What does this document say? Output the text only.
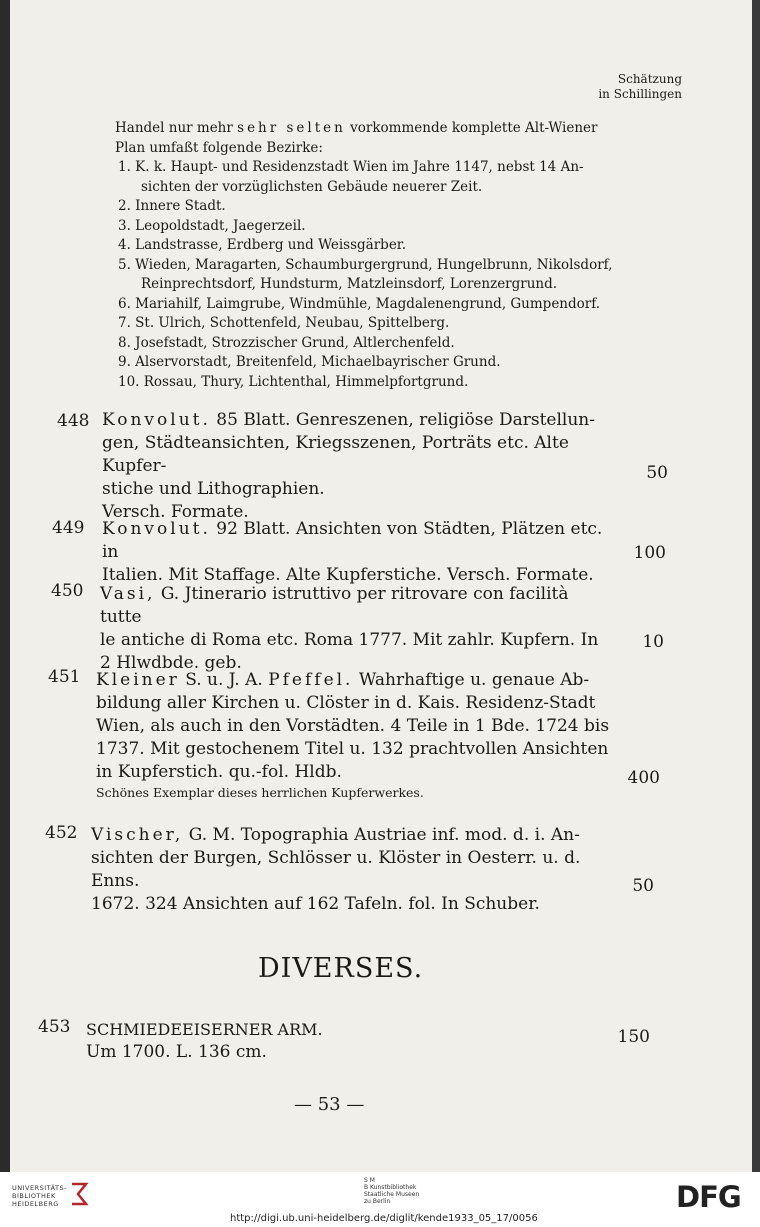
Schätzung
in Schillingen
Handel nur mehr sehr selten vorkommende komplette Alt-Wiener
Plan umfaßt folgende Bezirke:
1. K. k. Haupt- und Residenzstadt Wien im Jahre 1147, nebst 14 An-
sichten der vorzüglichsten Gebäude neuerer Zeit.
2. Innere Stadt.
3. Leopoldstadt, Jaegerzeil.
4. Landstrasse, Erdberg und Weissgärber.
5. Wieden, Maragarten, Schaumburgergrund, Hungelbrunn, Nikolsdorf,
Reinprechtsdorf, Hundsturm, Matzleinsdorf, Lorenzergrund.
6. Mariahilf, Laimgrube, Windmühle, Magdalenengrund, Gumpendorf.
7. St. Ulrich, Schottenfeld, Neubau, Spittelberg.
8. Josefstadt, Strozzischer Grund, Altlerchenfeld.
9. Alservorstadt, Breitenfeld, Michaelbayrischer Grund.
10. Rossau, Thury, Lichtenthal, Himmelpfortgrund.
448 Konvolut. 85 Blatt. Genreszenen, religiöse Darstellun-
gen, Städteansichten, Kriegsszenen, Porträts etc. Alte Kupfer-
stiche und Lithographien.
Versch. Formate.
50
449 Konvolut. 92 Blatt. Ansichten von Städten, Plätzen etc. in
Italien. Mit Staffage. Alte Kupferstiche. Versch. Formate.
100
450 Vasi, G. Jtinerario istruttivo per ritrovare con facilità tutte
le antiche di Roma etc. Roma 1777. Mit zahlr. Kupfern. In
2 Hlwdbde. geb.
10
451 Kleiner S. u. J. A. Pfeffel. Wahrhaftige u. genaue Ab-
bildung aller Kirchen u. Clöster in d. Kais. Residenz-Stadt
Wien, als auch in den Vorstädten. 4 Teile in 1 Bde. 1724 bis
1737. Mit gestochenem Titel u. 132 prachtvollen Ansichten
in Kupferstich. qu.-fol. Hldb.
Schönes Exemplar dieses herrlichen Kupferwerkes.
400
452 Vischer, G. M. Topographia Austriae inf. mod. d. i. An-
sichten der Burgen, Schlösser u. Klöster in Oesterr. u. d. Enns.
1672. 324 Ansichten auf 162 Tafeln. fol. In Schuber.
50
DIVERSES.
453 SCHMIEDEEISERNER ARM.
Um 1700. L. 136 cm.
150
— 53 —
UNIVERSITÄTS-
BIBLIOTHEK
HEIDELBERG
S M
B Kunstbibliothek
Staatliche Museen
zu Berlin	DFG
http://digi.ub.uni-heidelberg.de/diglit/kende1933_05_17/0056
